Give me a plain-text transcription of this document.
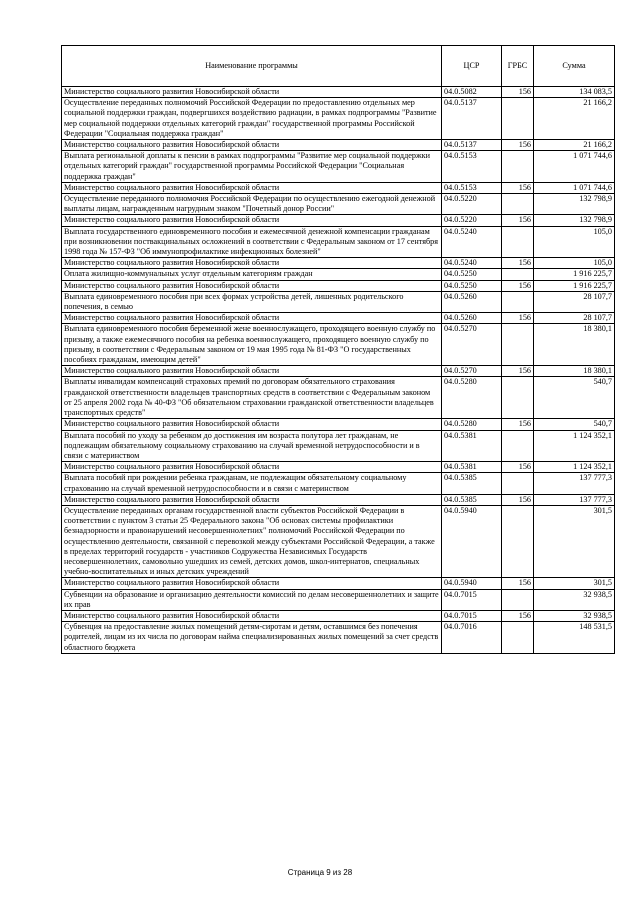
Наименование программы	ЦСР	ГРБС	Сумма
Министерство социального развития Новосибирской области	04.0.5082	156	134 083,5
Осуществление переданных полномочий Российской Федерации по предоставлению отдельных мер социальной поддержки граждан, подвергшихся воздействию радиации, в рамках подпрограммы "Развитие мер социальной поддержки отдельных категорий граждан" государственной программы Российской Федерации "Социальная поддержка граждан"	04.0.5137		21 166,2
Министерство социального развития Новосибирской области	04.0.5137	156	21 166,2
Выплата региональной доплаты к пенсии в рамках подпрограммы "Развитие мер социальной поддержки отдельных категорий граждан" государственной программы Российской Федерации "Социальная поддержка граждан"	04.0.5153		1 071 744,6
Министерство социального развития Новосибирской области	04.0.5153	156	1 071 744,6
Осуществление переданного полномочия Российской Федерации по осуществлению ежегодной денежной выплаты лицам, награжденным нагрудным знаком "Почетный донор России"	04.0.5220		132 798,9
Министерство социального развития Новосибирской области	04.0.5220	156	132 798,9
Выплата государственного единовременного пособия и ежемесячной денежной компенсации гражданам при возникновении поствакцинальных осложнений в соответствии с Федеральным законом от 17 сентября 1998 года № 157-ФЗ "Об иммунопрофилактике инфекционных болезней"	04.0.5240		105,0
Министерство социального развития Новосибирской области	04.0.5240	156	105,0
Оплата жилищно-коммунальных услуг отдельным категориям граждан	04.0.5250		1 916 225,7
Министерство социального развития Новосибирской области	04.0.5250	156	1 916 225,7
Выплата единовременного пособия при всех формах устройства детей, лишенных родительского попечения, в семью	04.0.5260		28 107,7
Министерство социального развития Новосибирской области	04.0.5260	156	28 107,7
Выплата единовременного пособия беременной жене военнослужащего, проходящего военную службу по призыву, а также ежемесячного пособия на ребенка военнослужащего, проходящего военную службу по призыву, в соответствии с Федеральным законом от 19 мая 1995 года № 81-ФЗ "О государственных пособиях гражданам, имеющим детей"	04.0.5270		18 380,1
Министерство социального развития Новосибирской области	04.0.5270	156	18 380,1
Выплаты инвалидам компенсаций страховых премий по договорам обязательного страхования гражданской ответственности владельцев транспортных средств в соответствии с Федеральным законом от 25 апреля 2002 года № 40-ФЗ "Об обязательном страховании гражданской ответственности владельцев транспортных средств"	04.0.5280		540,7
Министерство социального развития Новосибирской области	04.0.5280	156	540,7
Выплата пособий по уходу за ребенком до достижения им возраста полутора лет гражданам, не подлежащим обязательному социальному страхованию на случай временной нетрудоспособности и в связи с материнством	04.0.5381		1 124 352,1
Министерство социального развития Новосибирской области	04.0.5381	156	1 124 352,1
Выплата пособий при рождении ребенка гражданам, не подлежащим обязательному социальному страхованию на случай временной нетрудоспособности и в связи с материнством	04.0.5385		137 777,3
Министерство социального развития Новосибирской области	04.0.5385	156	137 777,3
Осуществление переданных органам государственной власти субъектов Российской Федерации в соответствии с пунктом 3 статьи 25 Федерального закона "Об основах системы профилактики безнадзорности и правонарушений несовершеннолетних" полномочий Российской Федерации по осуществлению деятельности, связанной с перевозкой между субъектами Российской Федерации, а также в пределах территорий государств - участников Содружества Независимых Государств несовершеннолетних, самовольно ушедших из семей, детских домов, школ-интернатов, специальных учебно-воспитательных и иных детских учреждений	04.0.5940		301,5
Министерство социального развития Новосибирской области	04.0.5940	156	301,5
Субвенции на образование и организацию деятельности комиссий по делам несовершеннолетних и защите их прав	04.0.7015		32 938,5
Министерство социального развития Новосибирской области	04.0.7015	156	32 938,5
Субвенция на предоставление жилых помещений детям-сиротам и детям, оставшимся без попечения родителей, лицам из их числа по договорам найма специализированных жилых помещений за счет средств областного бюджета	04.0.7016		148 531,5
Страница 9 из 28
